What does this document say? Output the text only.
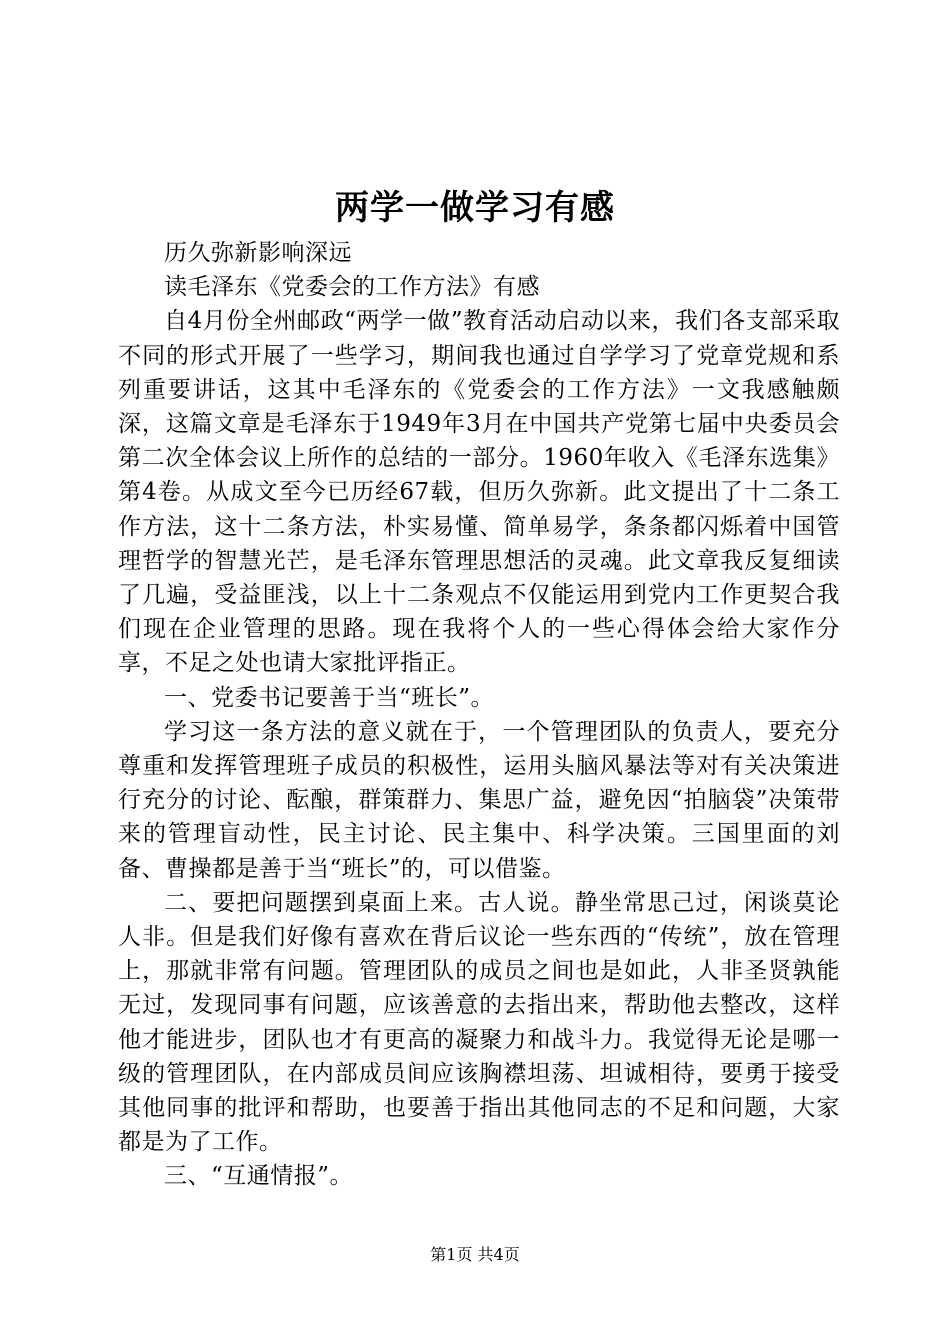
两学一做学习有感

历久弥新影响深远

读毛泽东《党委会的工作方法》有感

自4月份全州邮政“两学一做”教育活动启动以来，我们各支部采取不同的形式开展了一些学习，期间我也通过自学学习了党章党规和系列重要讲话，这其中毛泽东的《党委会的工作方法》一文我感触颇深，这篇文章是毛泽东于1949年3月在中国共产党第七届中央委员会第二次全体会议上所作的总结的一部分。1960年收入《毛泽东选集》第4卷。从成文至今已历经67载，但历久弥新。此文提出了十二条工作方法，这十二条方法，朴实易懂、简单易学，条条都闪烁着中国管理哲学的智慧光芒，是毛泽东管理思想活的灵魂。此文章我反复细读了几遍，受益匪浅，以上十二条观点不仅能运用到党内工作更契合我们现在企业管理的思路。现在我将个人的一些心得体会给大家作分享，不足之处也请大家批评指正。

一、党委书记要善于当“班长”。

学习这一条方法的意义就在于，一个管理团队的负责人，要充分尊重和发挥管理班子成员的积极性，运用头脑风暴法等对有关决策进行充分的讨论、酝酿，群策群力、集思广益，避免因“拍脑袋”决策带来的管理盲动性，民主讨论、民主集中、科学决策。三国里面的刘备、曹操都是善于当“班长”的，可以借鉴。

二、要把问题摆到桌面上来。古人说。静坐常思己过，闲谈莫论人非。但是我们好像有喜欢在背后议论一些东西的“传统”，放在管理上，那就非常有问题。管理团队的成员之间也是如此，人非圣贤孰能无过，发现同事有问题，应该善意的去指出来，帮助他去整改，这样他才能进步，团队也才有更高的凝聚力和战斗力。我觉得无论是哪一级的管理团队，在内部成员间应该胸襟坦荡、坦诚相待，要勇于接受其他同事的批评和帮助，也要善于指出其他同志的不足和问题，大家都是为了工作。

三、“互通情报”。

第1页 共4页
